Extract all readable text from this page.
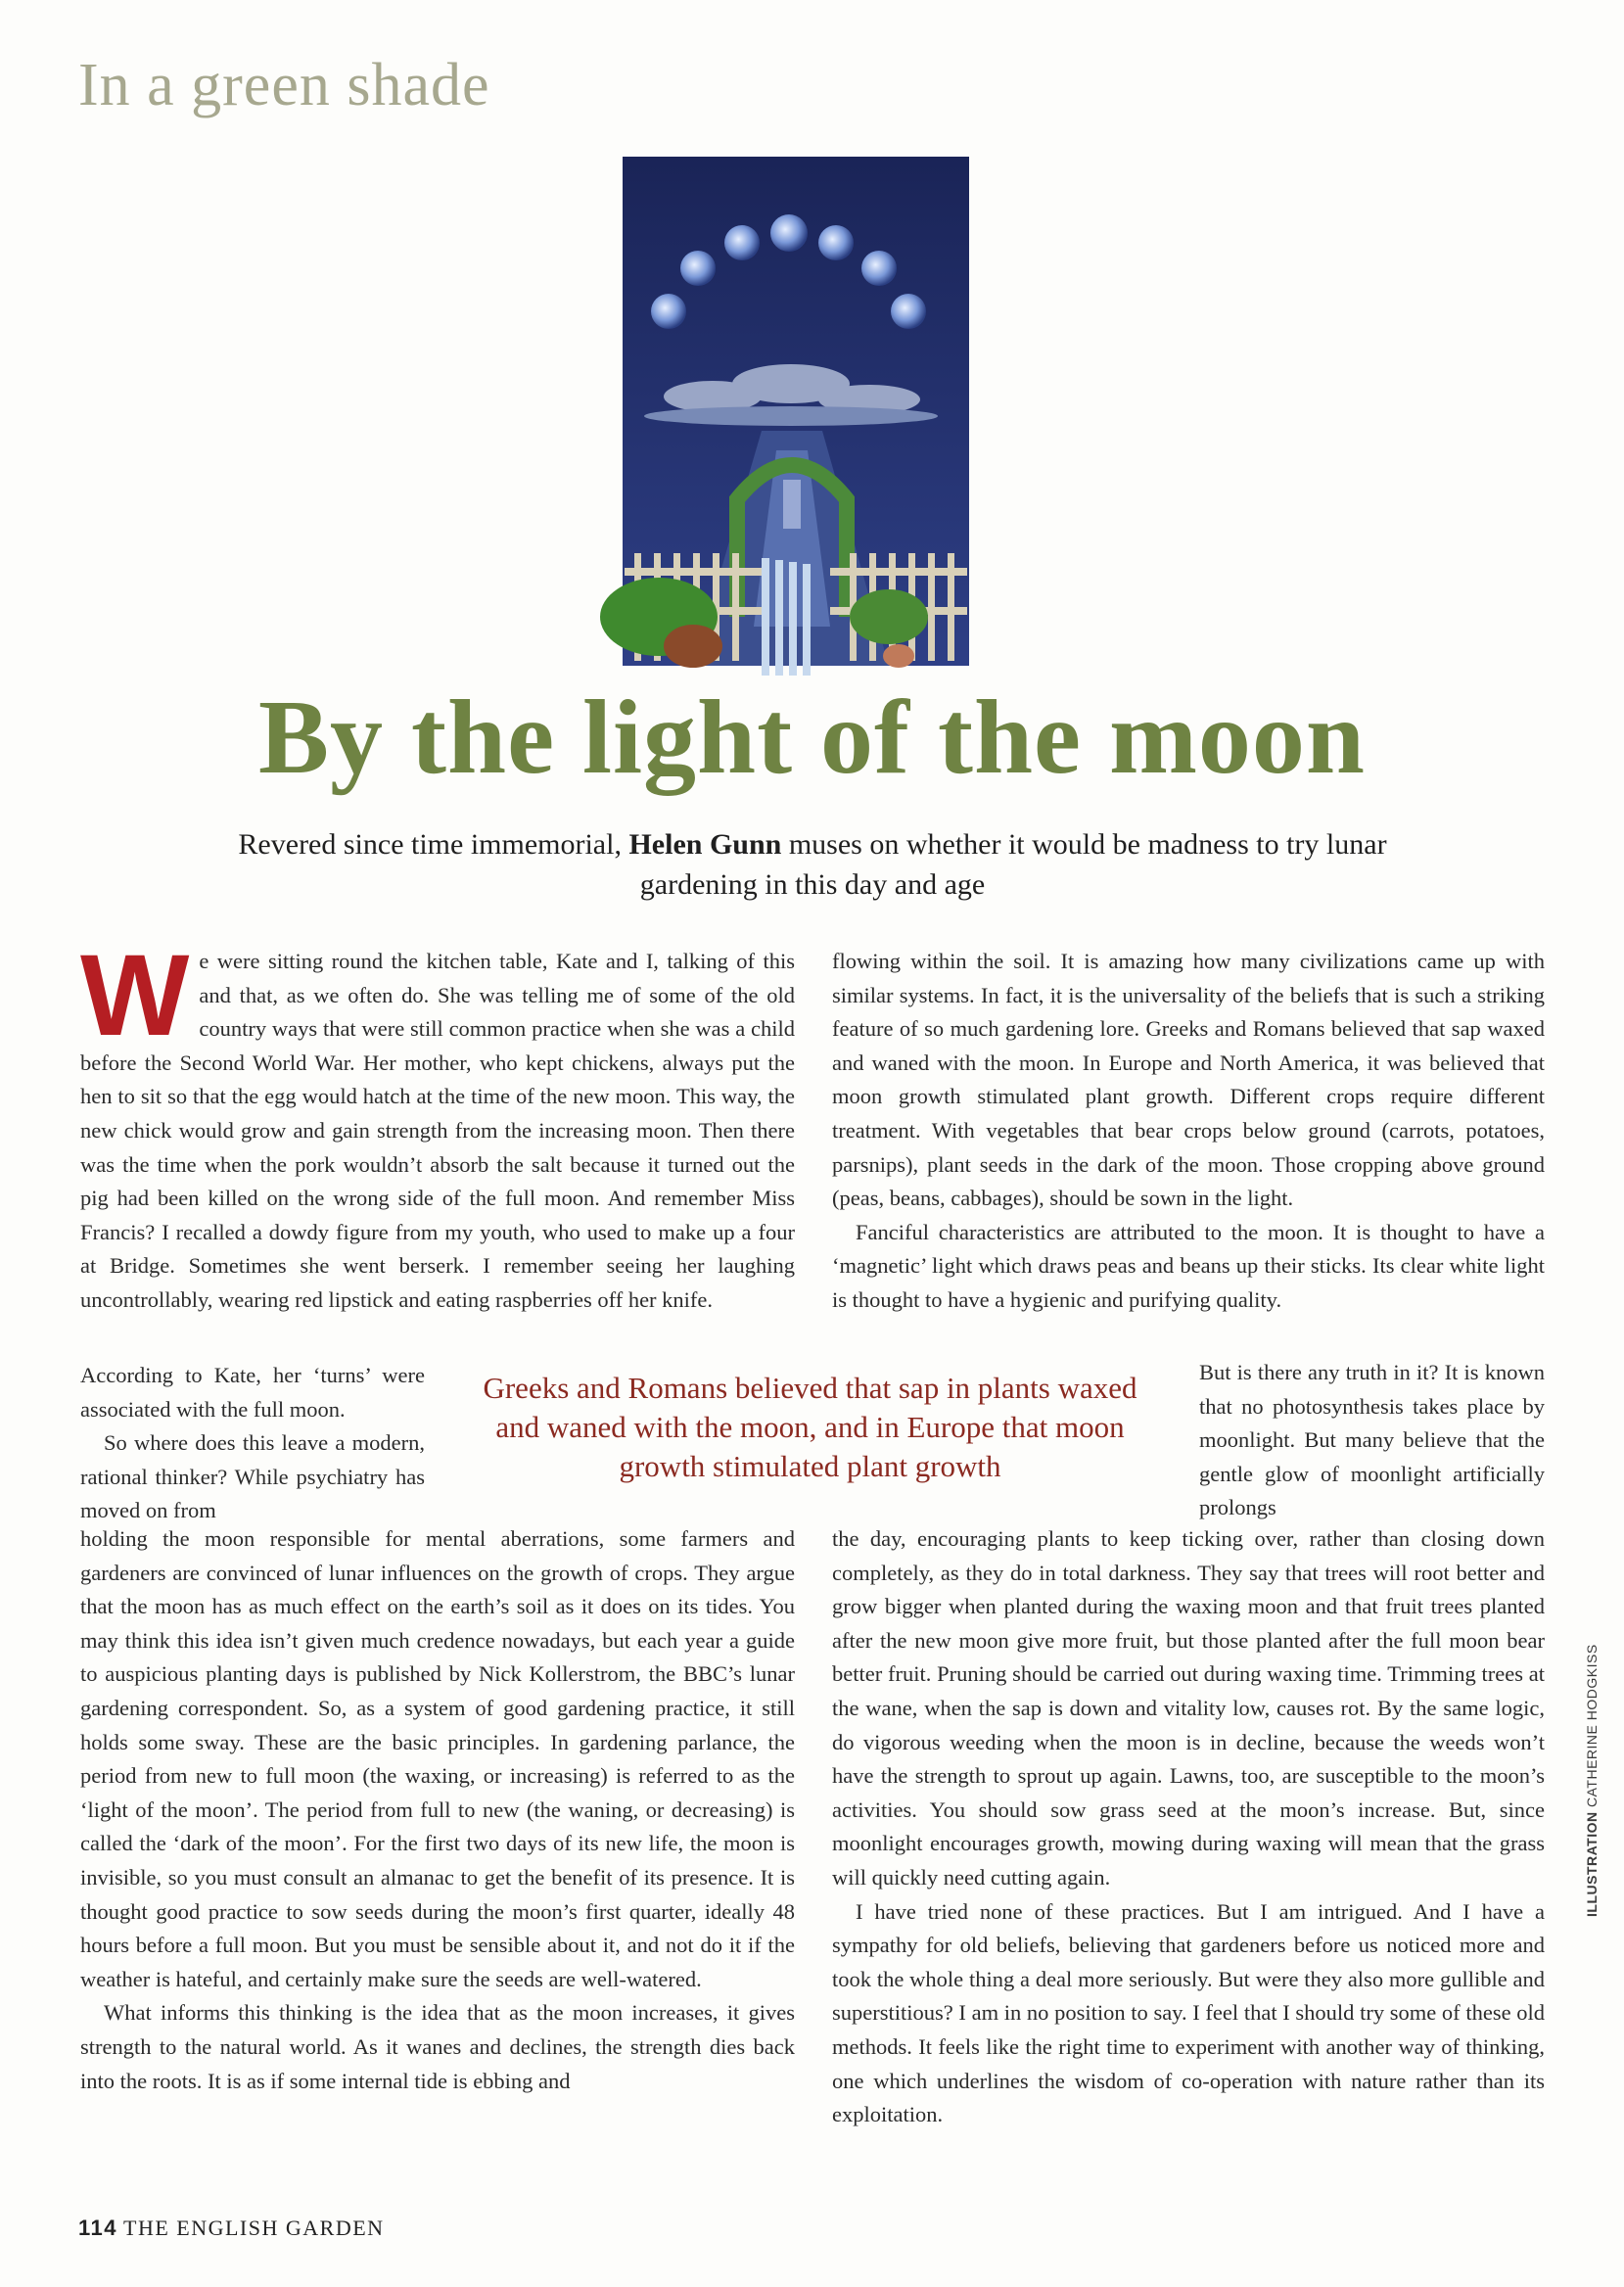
In a green shade
By the light of the moon
Revered since time immemorial, Helen Gunn muses on whether it would be madness to try lunar gardening in this day and age
W e were sitting round the kitchen table, Kate and I, talking of this and that, as we often do. She was telling me of some of the old country ways that were still common practice when she was a child before the Second World War. Her mother, who kept chickens, always put the hen to sit so that the egg would hatch at the time of the new moon. This way, the new chick would grow and gain strength from the increasing moon. Then there was the time when the pork wouldn’t absorb the salt because it turned out the pig had been killed on the wrong side of the full moon. And remember Miss Francis? I recalled a dowdy figure from my youth, who used to make up a four at Bridge. Sometimes she went berserk. I remember seeing her laughing uncontrollably, wearing red lipstick and eating raspberries off her knife.

According to Kate, her ‘turns’ were associated with the full moon.

So where does this leave a modern, rational thinker? While psychiatry has moved on from

holding the moon responsible for mental aberrations, some farmers and gardeners are convinced of lunar influences on the growth of crops. They argue that the moon has as much effect on the earth’s soil as it does on its tides. You may think this idea isn’t given much credence nowadays, but each year a guide to auspicious planting days is published by Nick Kollerstrom, the BBC’s lunar gardening correspondent. So, as a system of good gardening practice, it still holds some sway. These are the basic principles. In gardening parlance, the period from new to full moon (the waxing, or increasing) is referred to as the ‘light of the moon’. The period from full to new (the waning, or decreasing) is called the ‘dark of the moon’. For the first two days of its new life, the moon is invisible, so you must consult an almanac to get the benefit of its presence. It is thought good practice to sow seeds during the moon’s first quarter, ideally 48 hours before a full moon. But you must be sensible about it, and not do it if the weather is hateful, and certainly make sure the seeds are well-watered.

What informs this thinking is the idea that as the moon increases, it gives strength to the natural world. As it wanes and declines, the strength dies back into the roots. It is as if some internal tide is ebbing and

flowing within the soil. It is amazing how many civilizations came up with similar systems. In fact, it is the universality of the beliefs that is such a striking feature of so much gardening lore. Greeks and Romans believed that sap waxed and waned with the moon. In Europe and North America, it was believed that moon growth stimulated plant growth. Different crops require different treatment. With vegetables that bear crops below ground (carrots, potatoes, parsnips), plant seeds in the dark of the moon. Those cropping above ground (peas, beans, cabbages), should be sown in the light.

Fanciful characteristics are attributed to the moon. It is thought to have a ‘magnetic’ light which draws peas and beans up their sticks. Its clear white light is thought to have a hygienic and purifying quality.

But is there any truth in it? It is known that no photosynthesis takes place by moonlight. But many believe that the gentle glow of moonlight artificially prolongs

the day, encouraging plants to keep ticking over, rather than closing down completely, as they do in total darkness. They say that trees will root better and grow bigger when planted during the waxing moon and that fruit trees planted after the new moon give more fruit, but those planted after the full moon bear better fruit. Pruning should be carried out during waxing time. Trimming trees at the wane, when the sap is down and vitality low, causes rot. By the same logic, do vigorous weeding when the moon is in decline, because the weeds won’t have the strength to sprout up again. Lawns, too, are susceptible to the moon’s activities. You should sow grass seed at the moon’s increase. But, since moonlight encourages growth, mowing during waxing will mean that the grass will quickly need cutting again.

I have tried none of these practices. But I am intrigued. And I have a sympathy for old beliefs, believing that gardeners before us noticed more and took the whole thing a deal more seriously. But were they also more gullible and superstitious? I am in no position to say. I feel that I should try some of these old methods. It feels like the right time to experiment with another way of thinking, one which underlines the wisdom of co-operation with nature rather than its exploitation.

Greeks and Romans believed that sap in plants waxed and waned with the moon, and in Europe that moon growth stimulated plant growth
ILLUSTRATION CATHERINE HODGKISS
114 THE ENGLISH GARDEN
